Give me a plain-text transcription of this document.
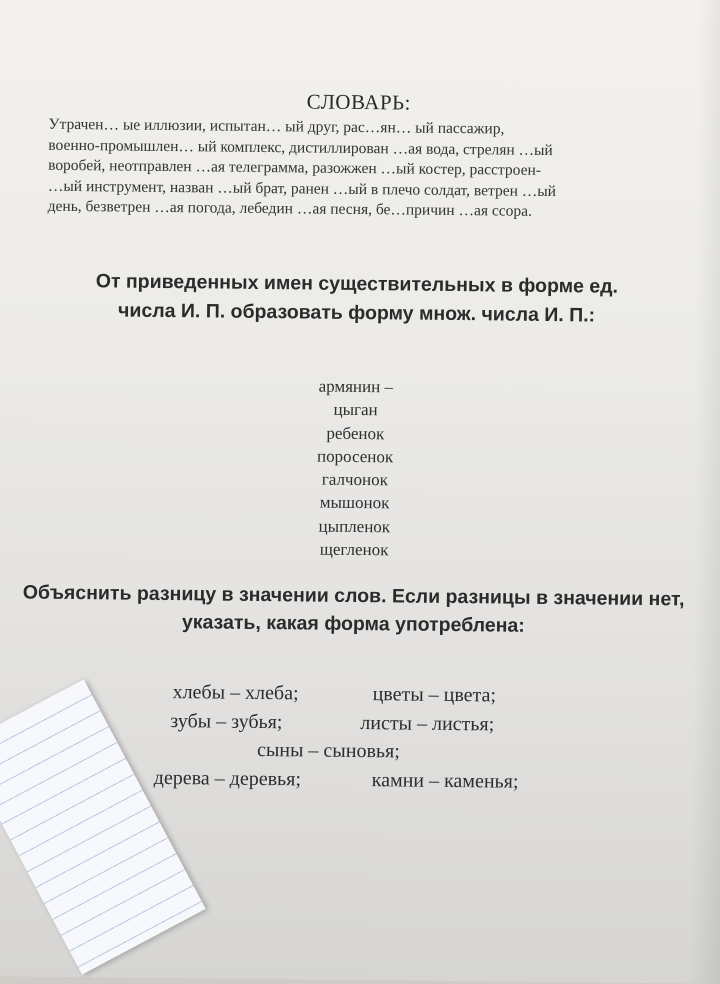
СЛОВАРЬ:
Утрачен… ые иллюзии, испытан… ый друг, рас…ян… ый пассажир,
военно-промышлен… ый комплекс, дистиллирован …ая вода, стрелян …ый
воробей, неотправлен …ая телеграмма, разожжен …ый костер, расстроен-
…ый инструмент, назван …ый брат, ранен …ый в плечо солдат, ветрен …ый
день, безветрен …ая погода, лебедин …ая песня, бе…причин …ая ссора.
От приведенных имен существительных в форме ед.
числа И. П. образовать форму множ. числа И. П.:
армянин –
цыган
ребенок
поросенок
галчонок
мышонок
цыпленок
щегленок
Объяснить разницу в значении слов. Если разницы в значении нет,
указать, какая форма употреблена:
хлебы – хлеба;	цветы – цвета;
зубы – зубья;	листы – листья;
сыны – сыновья;
дерева – деревья;	камни – каменья;
